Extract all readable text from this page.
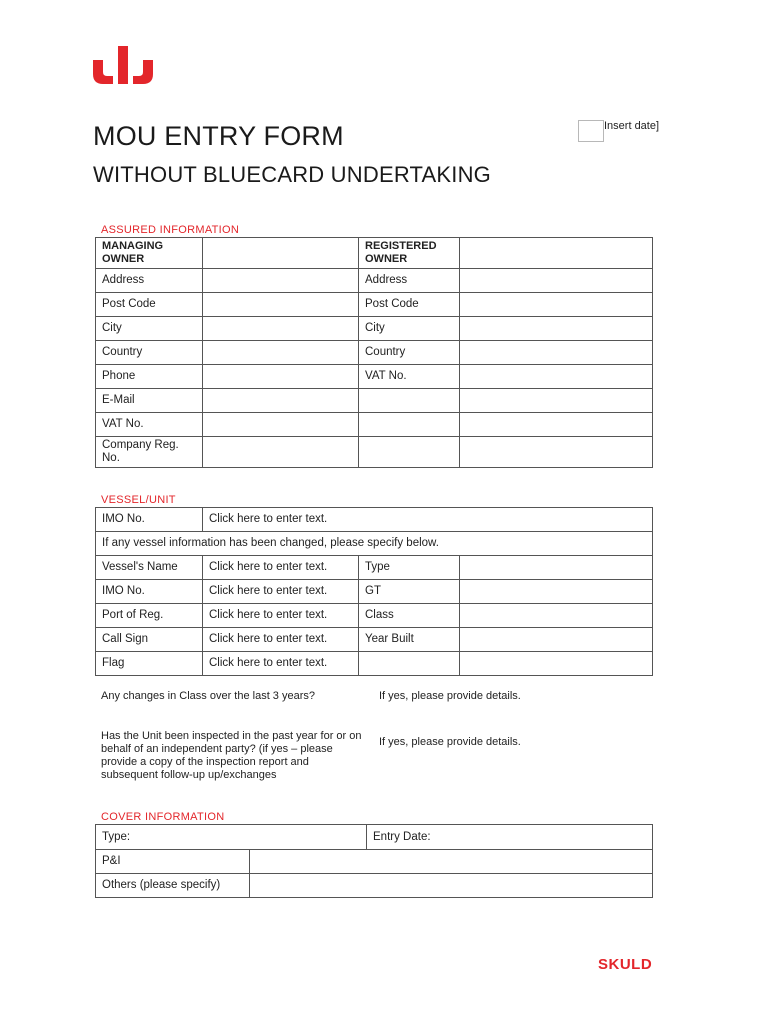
Insert date]
MOU ENTRY FORM
WITHOUT BLUECARD UNDERTAKING
ASSURED INFORMATION
MANAGING OWNER		REGISTERED OWNER	
Address		Address	
Post Code		Post Code	
City		City	
Country		Country	
Phone		VAT No.	
E-Mail			
VAT No.			
Company Reg. No.			
VESSEL/UNIT
IMO No.	Click here to enter text.		
If any vessel information has been changed, please specify below.			
Vessel's Name	Click here to enter text.	Type	
IMO No.	Click here to enter text.	GT	
Port of Reg.	Click here to enter text.	Class	
Call Sign	Click here to enter text.	Year Built	
Flag	Click here to enter text.		
Any changes in Class over the last 3 years?	If yes, please provide details.
Has the Unit been inspected in the past year for or on behalf of an independent party? (if yes – please provide a copy of the inspection report and subsequent follow-up up/exchanges
If yes, please provide details.
COVER INFORMATION
Type:		Entry Date:
P&I		
Others (please specify)		
SKULD
